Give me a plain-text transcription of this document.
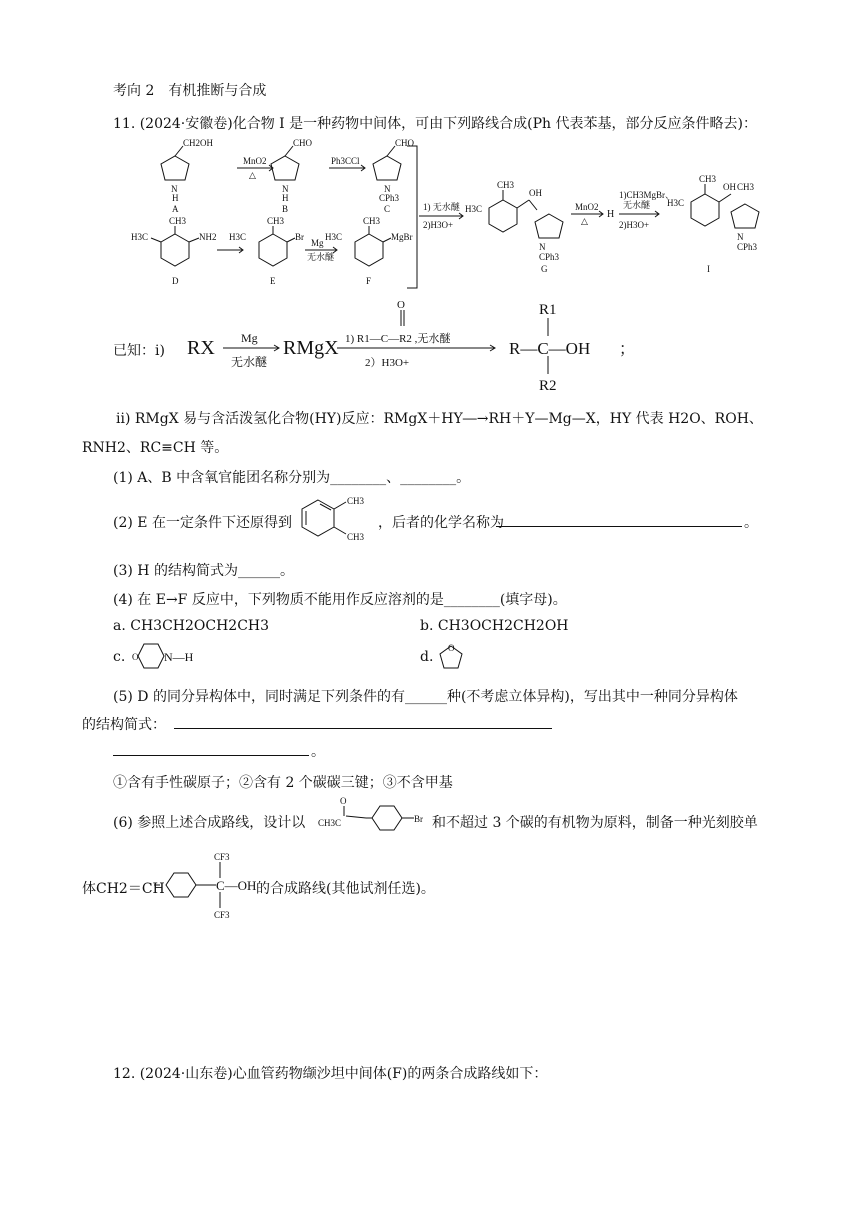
考向 2　有机推断与合成
11. (2024·安徽卷)化合物 I 是一种药物中间体，可由下列路线合成(Ph 代表苯基，部分反应条件略去)：
CH2OH
N
H
A
MnO2
△
CHO
N
H
B
Ph3CCl
CHO
N
CPh3
C
CH3
H3C	NH2
D
CH3
H3C	Br
E
Mg
无水醚
CH3
H3C	MgBr
F
1) 无水醚
2)H3O+
H3C
CH3
OH
N
CPh3
G
MnO2
△
H
1)CH3MgBr、
无水醚
2)H3O+
H3C
CH3
OH CH3
N
CPh3
I
已知：ⅰ) RX Mg
无水醚
RMgX
O
1) R1—C—R2 ,无水醚
2）H3O+
R1
R—C—OH
R2
；
ⅱ) RMgX 易与含活泼氢化合物(HY)反应：RMgX＋HY―→RH＋Y—Mg—X，HY 代表 H2O、ROH、
RNH2、RC≡CH 等。
(1) A、B 中含氧官能团名称分别为________、________。
(2) E 在一定条件下还原得到
CH3
CH3
，后者的化学名称为	。
(3) H 的结构简式为______。
(4) 在 E→F 反应中，下列物质不能用作反应溶剂的是________(填字母)。
a. CH3CH2OCH2CH3	b. CH3OCH2CH2OH
c. O N—H	d.
O
(5) D 的同分异构体中，同时满足下列条件的有______种(不考虑立体异构)，写出其中一种同分异构体
的结构简式：
。
①含有手性碳原子；②含有 2 个碳碳三键；③不含甲基
(6) 参照上述合成路线，设计以
O
CH3C	Br 和不超过 3 个碳的有机物为原料，制备一种光刻胶单
体CH2＝CH
CF3
C—OH
CF3
的合成路线(其他试剂任选)。
12. (2024·山东卷)心血管药物缬沙坦中间体(F)的两条合成路线如下：
